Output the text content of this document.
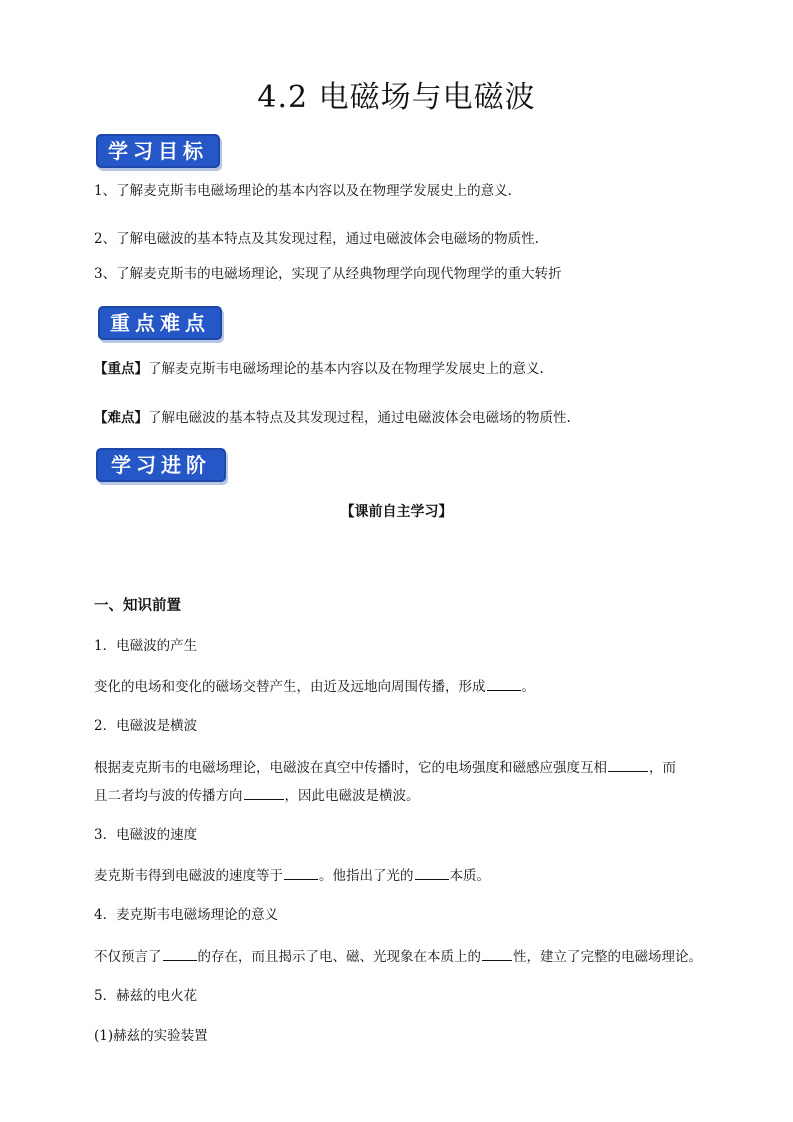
4.2 电磁场与电磁波
学习目标
1、了解麦克斯韦电磁场理论的基本内容以及在物理学发展史上的意义.
2、了解电磁波的基本特点及其发现过程，通过电磁波体会电磁场的物质性.
3、了解麦克斯韦的电磁场理论，实现了从经典物理学向现代物理学的重大转折
重点难点
【重点】了解麦克斯韦电磁场理论的基本内容以及在物理学发展史上的意义.
【难点】了解电磁波的基本特点及其发现过程，通过电磁波体会电磁场的物质性.
学习进阶
【课前自主学习】
一、知识前置
1．电磁波的产生
变化的电场和变化的磁场交替产生，由近及远地向周围传播，形成	。
2．电磁波是横波
根据麦克斯韦的电磁场理论，电磁波在真空中传播时，它的电场强度和磁感应强度互相	，而
且二者均与波的传播方向	，因此电磁波是横波。
3．电磁波的速度
麦克斯韦得到电磁波的速度等于	。他指出了光的	本质。
4．麦克斯韦电磁场理论的意义
不仅预言了	的存在，而且揭示了电、磁、光现象在本质上的 性，建立了完整的电磁场理论。
5．赫兹的电火花
(1)赫兹的实验装置
